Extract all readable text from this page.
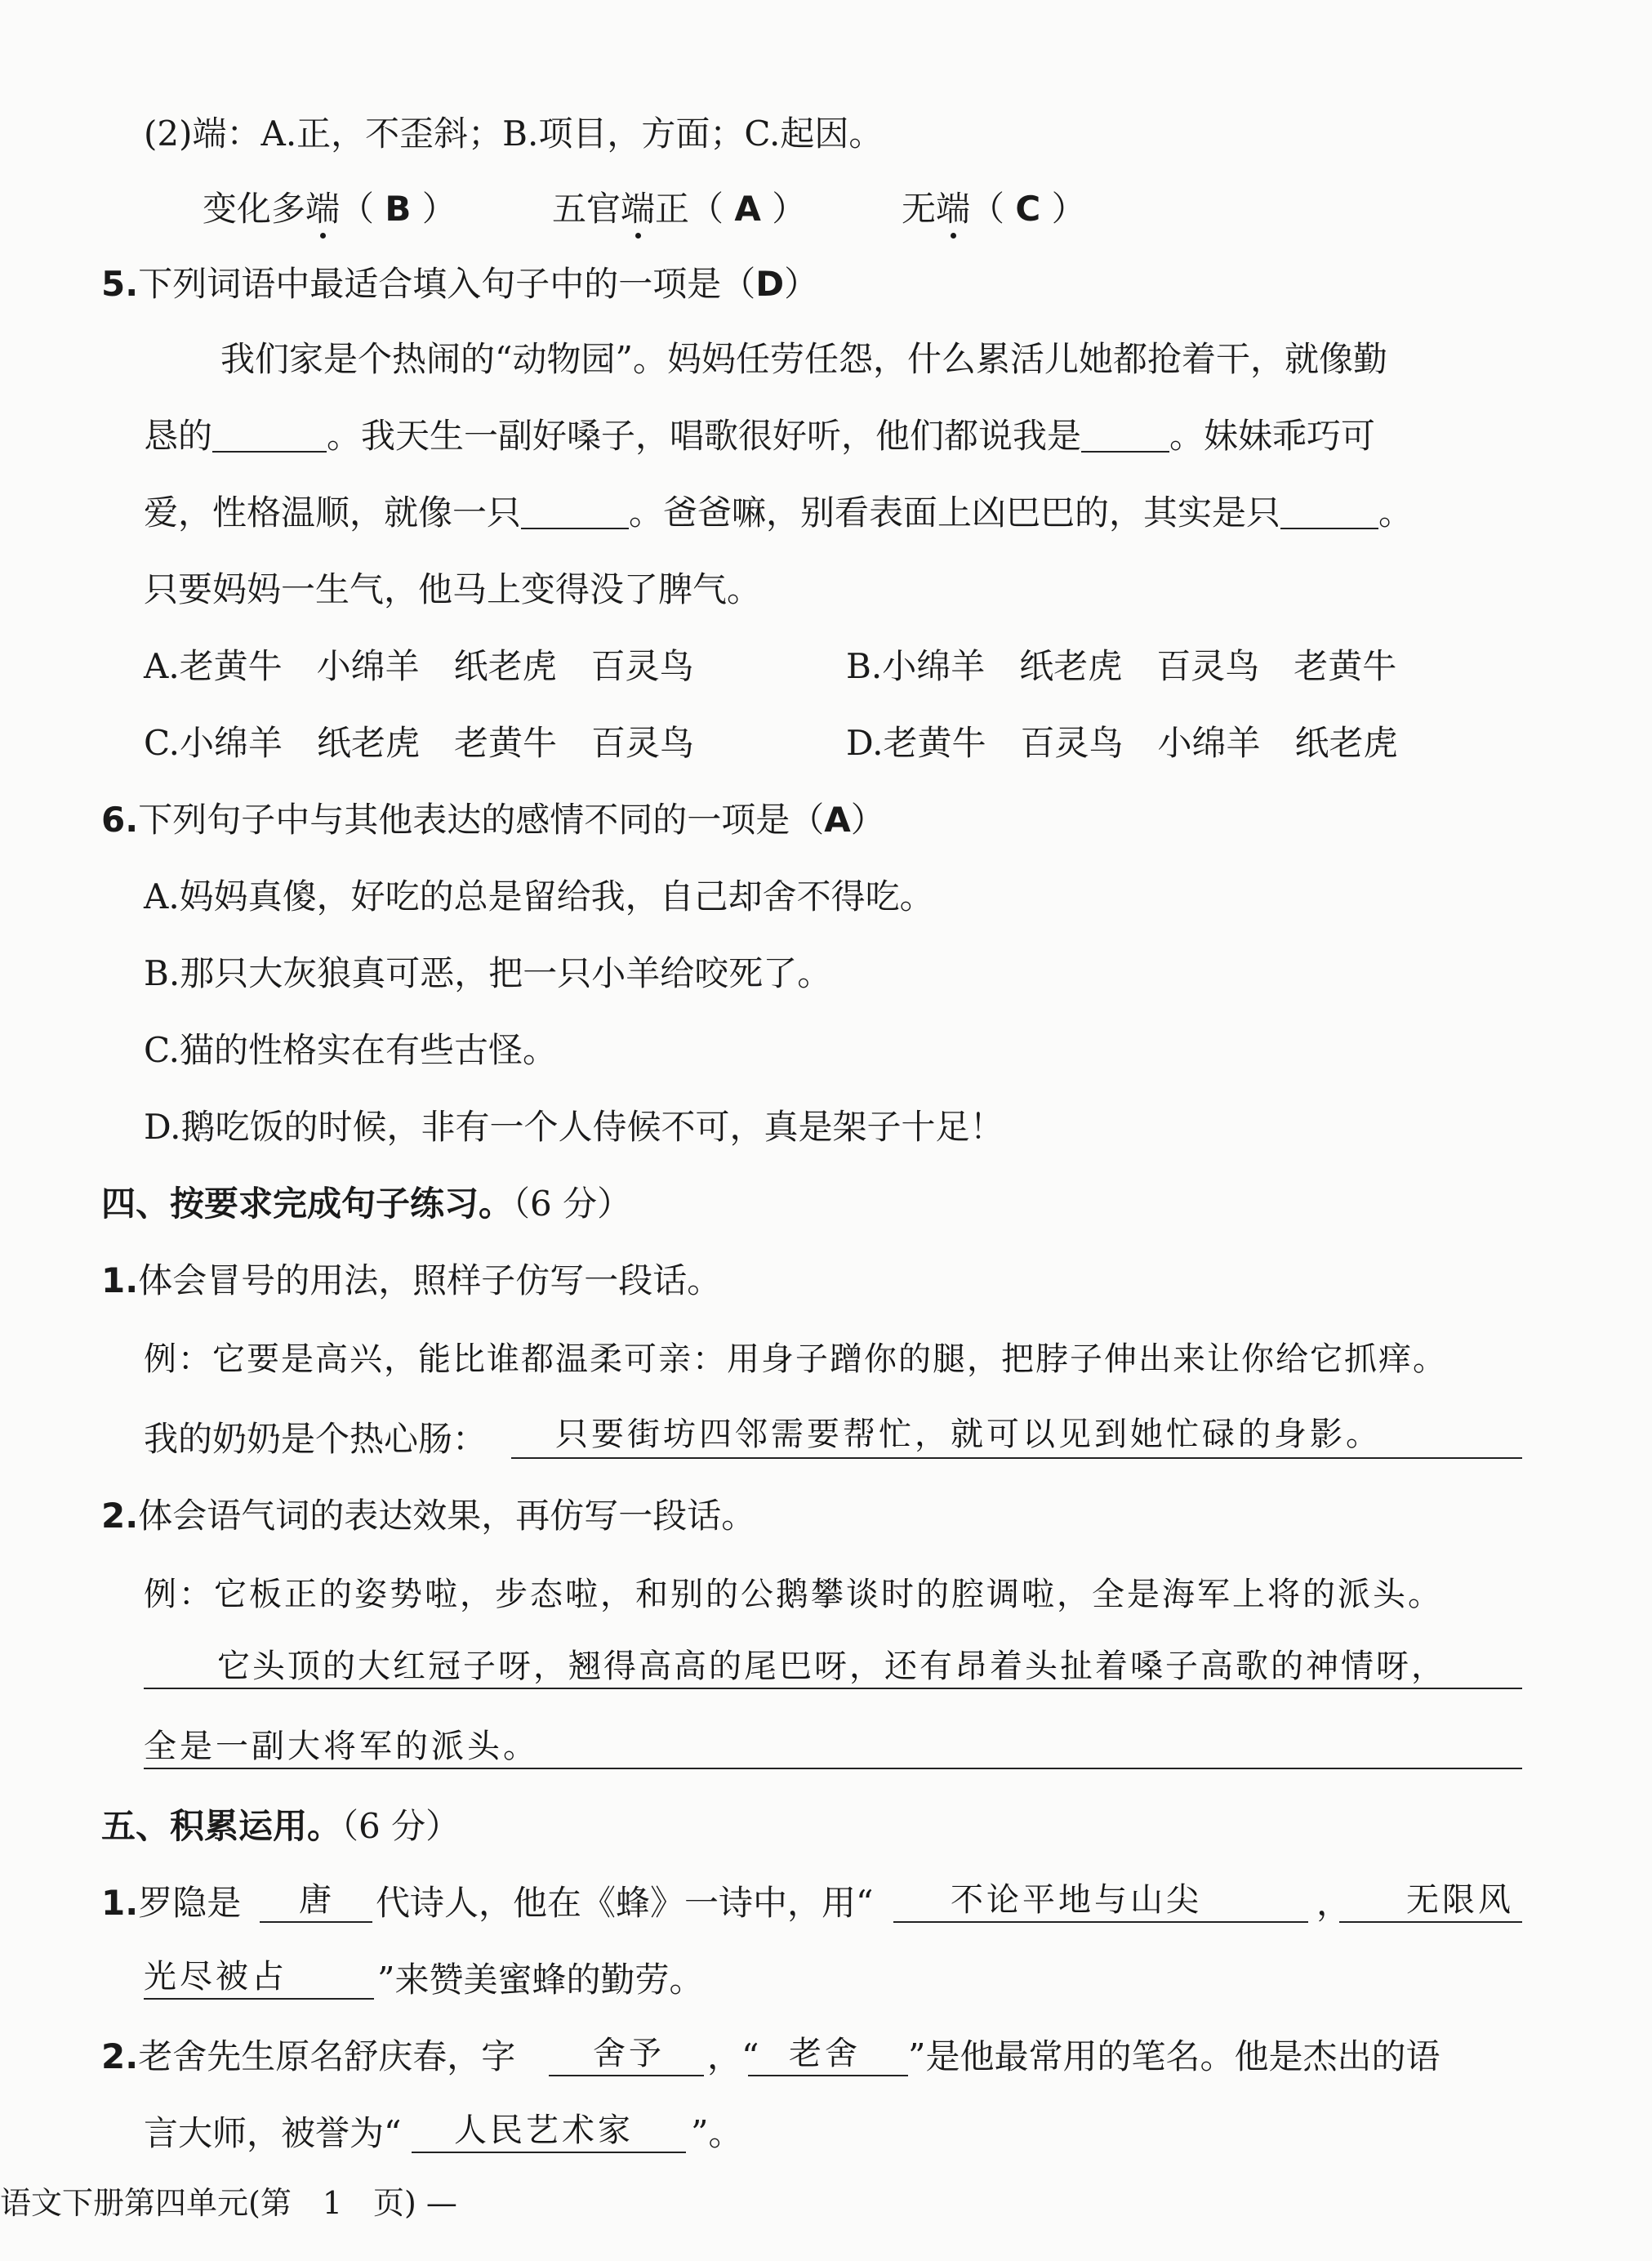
(2)端：A.正，不歪斜；B.项目，方面；C.起因。
变化多端（ B ）	五官端正（ A ）	无端（ C ）
5.下列词语中最适合填入句子中的一项是（D）
我们家是个热闹的“动物园”。妈妈任劳任怨，什么累活儿她都抢着干，就像勤
恳的	。我天生一副好嗓子，唱歌很好听，他们都说我是	。妹妹乖巧可
爱，性格温顺，就像一只	。爸爸嘛，别看表面上凶巴巴的，其实是只	。
只要妈妈一生气，他马上变得没了脾气。
A.老黄牛　小绵羊　纸老虎　百灵鸟	B.小绵羊　纸老虎　百灵鸟　老黄牛
C.小绵羊　纸老虎　老黄牛　百灵鸟	D.老黄牛　百灵鸟　小绵羊　纸老虎
6.下列句子中与其他表达的感情不同的一项是（A）
A.妈妈真傻，好吃的总是留给我，自己却舍不得吃。
B.那只大灰狼真可恶，把一只小羊给咬死了。
C.猫的性格实在有些古怪。
D.鹅吃饭的时候，非有一个人侍候不可，真是架子十足！
四、按要求完成句子练习。（6 分）
1.体会冒号的用法，照样子仿写一段话。
例：它要是高兴，能比谁都温柔可亲：用身子蹭你的腿，把脖子伸出来让你给它抓痒。
我的奶奶是个热心肠： 只要街坊四邻需要帮忙，就可以见到她忙碌的身影。
2.体会语气词的表达效果，再仿写一段话。
例：它板正的姿势啦，步态啦，和别的公鹅攀谈时的腔调啦，全是海军上将的派头。
它头顶的大红冠子呀，翘得高高的尾巴呀，还有昂着头扯着嗓子高歌的神情呀，
全是一副大将军的派头。
五、积累运用。（6 分）
1.罗隐是 唐 代诗人，他在《蜂》一诗中，用“ 不论平地与山尖	， 无限风
光尽被占	”来赞美蜜蜂的勤劳。
2.老舍先生原名舒庆春，字 舍予 ，“ 老舍 ”是他最常用的笔名。他是杰出的语
言大师，被誉为“ 人民艺术家 ”。
语文下册第四单元(第　1　页) —
